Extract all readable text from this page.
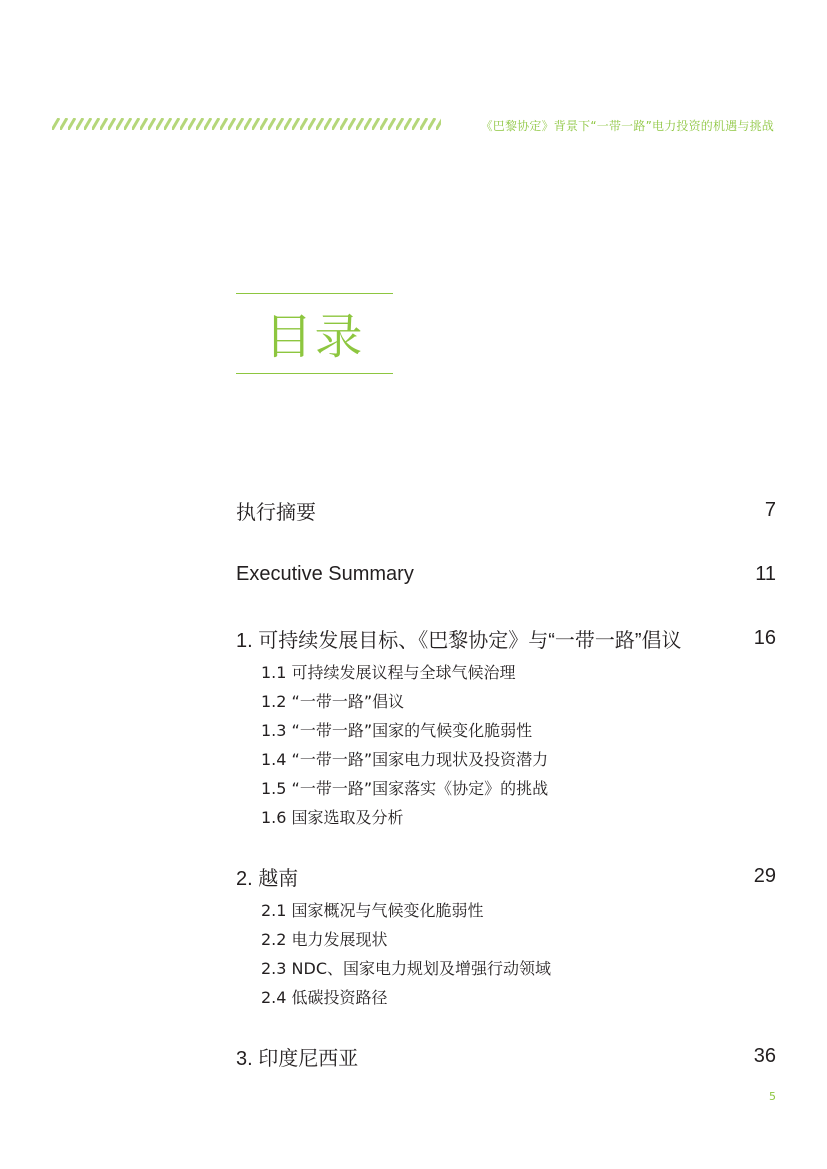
《巴黎协定》背景下“一带一路”电力投资的机遇与挑战
目录
执行摘要	7
Executive Summary	11
1. 可持续发展目标、《巴黎协定》与“一带一路”倡议	16
1.1 可持续发展议程与全球气候治理
1.2 “一带一路”倡议
1.3 “一带一路”国家的气候变化脆弱性
1.4 “一带一路”国家电力现状及投资潜力
1.5 “一带一路”国家落实《协定》的挑战
1.6 国家选取及分析
2. 越南	29
2.1 国家概况与气候变化脆弱性
2.2 电力发展现状
2.3 NDC、国家电力规划及增强行动领域
2.4 低碳投资路径
3. 印度尼西亚	36
5
